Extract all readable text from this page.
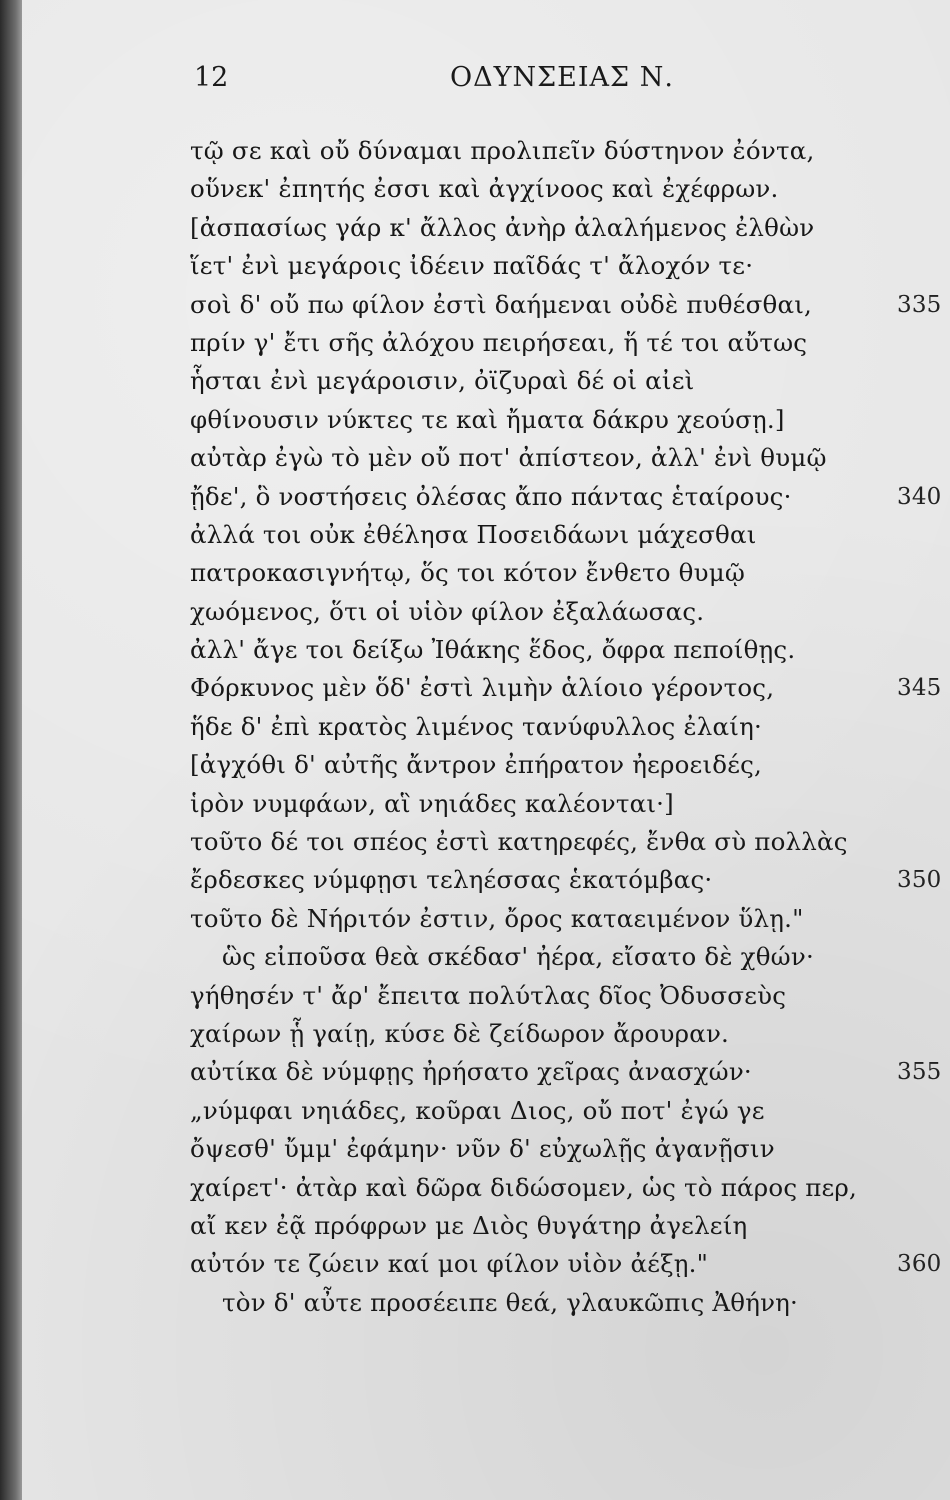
12	ΟΔΥΝΣΕΙΑΣ Ν.
τῷ σε καὶ οὔ δύναμαι προλιπεῖν δύστηνον ἐόντα,
οὕνεκ' ἐπητής ἐσσι καὶ ἀγχίνοος καὶ ἐχέφρων.
[ἀσπασίως γάρ κ' ἄλλος ἀνὴρ ἀλαλήμενος ἐλθὼν
ἵετ' ἐνὶ μεγάροις ἰδέειν παῖδάς τ' ἄλοχόν τε·
σοὶ δ' οὔ πω φίλον ἐστὶ δαήμεναι οὐδὲ πυθέσθαι,	335
πρίν γ' ἔτι σῆς ἀλόχου πειρήσεαι, ἥ τέ τοι αὔτως
ἧσται ἐνὶ μεγάροισιν, ὀϊζυραὶ δέ οἱ αἰεὶ
φθίνουσιν νύκτες τε καὶ ἤματα δάκρυ χεούσῃ.]
αὐτὰρ ἐγὼ τὸ μὲν οὔ ποτ' ἀπίστεον, ἀλλ' ἐνὶ θυμῷ
ᾔδε', ὃ νοστήσεις ὀλέσας ἄπο πάντας ἑταίρους·	340
ἀλλά τοι οὐκ ἐθέλησα Ποσειδάωνι μάχεσθαι
πατροκασιγνήτῳ, ὅς τοι κότον ἔνθετο θυμῷ
χωόμενος, ὅτι οἱ υἱὸν φίλον ἐξαλάωσας.
ἀλλ' ἄγε τοι δείξω Ἰθάκης ἕδος, ὄφρα πεποίθῃς.
Φόρκυνος μὲν ὅδ' ἐστὶ λιμὴν ἁλίοιο γέροντος,	345
ἥδε δ' ἐπὶ κρατὸς λιμένος τανύφυλλος ἐλαίη·
[ἀγχόθι δ' αὐτῆς ἄντρον ἐπήρατον ἠεροειδές,
ἱρὸν νυμφάων, αἳ νηιάδες καλέονται·]
τοῦτο δέ τοι σπέος ἐστὶ κατηρεφές, ἔνθα σὺ πολλὰς
ἔρδεσκες νύμφῃσι τεληέσσας ἑκατόμβας·	350
τοῦτο δὲ Νήριτόν ἐστιν, ὄρος καταειμένον ὕλῃ."
ὣς εἰποῦσα θεὰ σκέδασ' ἠέρα, εἴσατο δὲ χθών·
γήθησέν τ' ἄρ' ἔπειτα πολύτλας δῖος Ὀδυσσεὺς
χαίρων ᾗ γαίῃ, κύσε δὲ ζείδωρον ἄρουραν.
αὐτίκα δὲ νύμφῃς ἠρήσατο χεῖρας ἀνασχών·	355
„νύμφαι νηιάδες, κοῦραι Διος, οὔ ποτ' ἐγώ γε
ὄψεσθ' ὔμμ' ἐφάμην· νῦν δ' εὐχωλῇς ἀγανῇσιν
χαίρετ'· ἀτὰρ καὶ δῶρα διδώσομεν, ὡς τὸ πάρος περ,
αἴ κεν ἐᾷ πρόφρων με Διὸς θυγάτηρ ἀγελείη
αὐτόν τε ζώειν καί μοι φίλον υἱὸν ἀέξῃ."	360
τὸν δ' αὖτε προσέειπε θεά, γλαυκῶπις Ἀθήνη·
